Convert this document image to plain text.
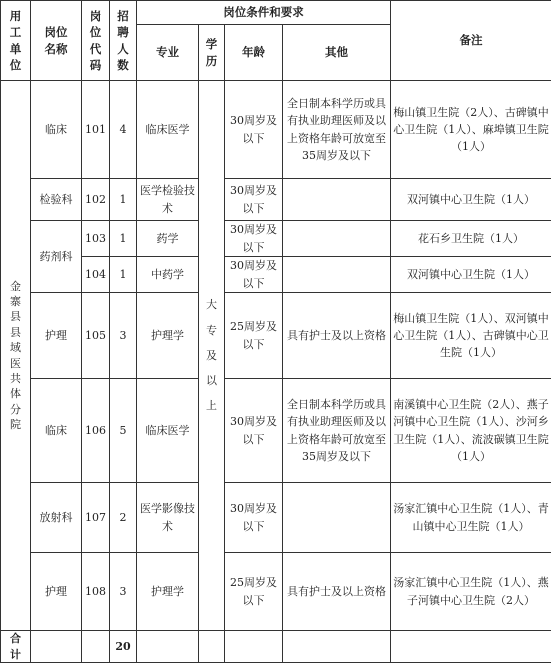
用工单位	岗位名称	岗位代码	招聘人数	岗位条件和要求				备注
				专业	学历	年龄	其他	

金寨县县域医共体分院	临床	101	4	临床医学	大专及以上	30周岁及以下	全日制本科学历或具有执业助理医师及以上资格年龄可放宽至35周岁及以下	梅山镇卫生院（2人）、古碑镇中心卫生院（1人）、麻埠镇卫生院（1人）
	检验科	102	1	医学检验技术		30周岁及以下		双河镇中心卫生院（1人）
	药剂科	103	1	药学		30周岁及以下		花石乡卫生院（1人）
		104	1	中药学		30周岁及以下		双河镇中心卫生院（1人）
	护理	105	3	护理学		25周岁及以下	具有护士及以上资格	梅山镇卫生院（1人）、双河镇中心卫生院（1人）、古碑镇中心卫生院（1人）
	临床	106	5	临床医学		30周岁及以下	全日制本科学历或具有执业助理医师及以上资格年龄可放宽至35周岁及以下	南溪镇中心卫生院（2人）、燕子河镇中心卫生院（1人）、沙河乡卫生院（1人）、流波碳镇卫生院（1人）
	放射科	107	2	医学影像技术		30周岁及以下		汤家汇镇中心卫生院（1人）、青山镇中心卫生院（1人）
	护理	108	3	护理学		25周岁及以下	具有护士及以上资格	汤家汇镇中心卫生院（1人）、燕子河镇中心卫生院（2人）

合计			20					
